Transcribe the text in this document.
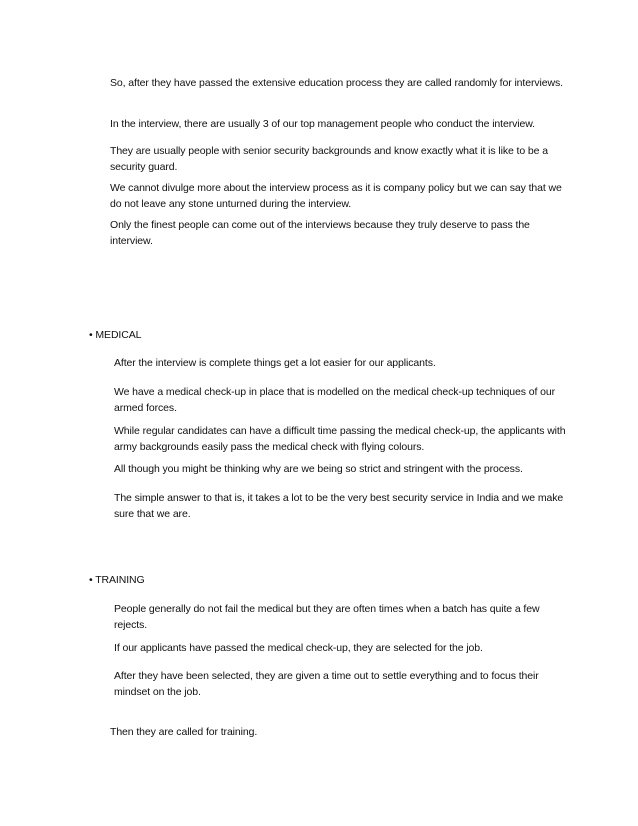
So, after they have passed the extensive education process they are called randomly for interviews.

In the interview, there are usually 3 of our top management people who conduct the interview.

They are usually people with senior security backgrounds and know exactly what it is like to be a security guard.

We cannot divulge more about the interview process as it is company policy but we can say that we do not leave any stone unturned during the interview.

Only the finest people can come out of the interviews because they truly deserve to pass the interview.

• MEDICAL

After the interview is complete things get a lot easier for our applicants.

We have a medical check-up in place that is modelled on the medical check-up techniques of our armed forces.

While regular candidates can have a difficult time passing the medical check-up, the applicants with army backgrounds easily pass the medical check with flying colours.

All though you might be thinking why are we being so strict and stringent with the process.

The simple answer to that is, it takes a lot to be the very best security service in India and we make sure that we are.

• TRAINING

People generally do not fail the medical but they are often times when a batch has quite a few rejects.

If our applicants have passed the medical check-up, they are selected for the job.

After they have been selected, they are given a time out to settle everything and to focus their mindset on the job.

Then they are called for training.
